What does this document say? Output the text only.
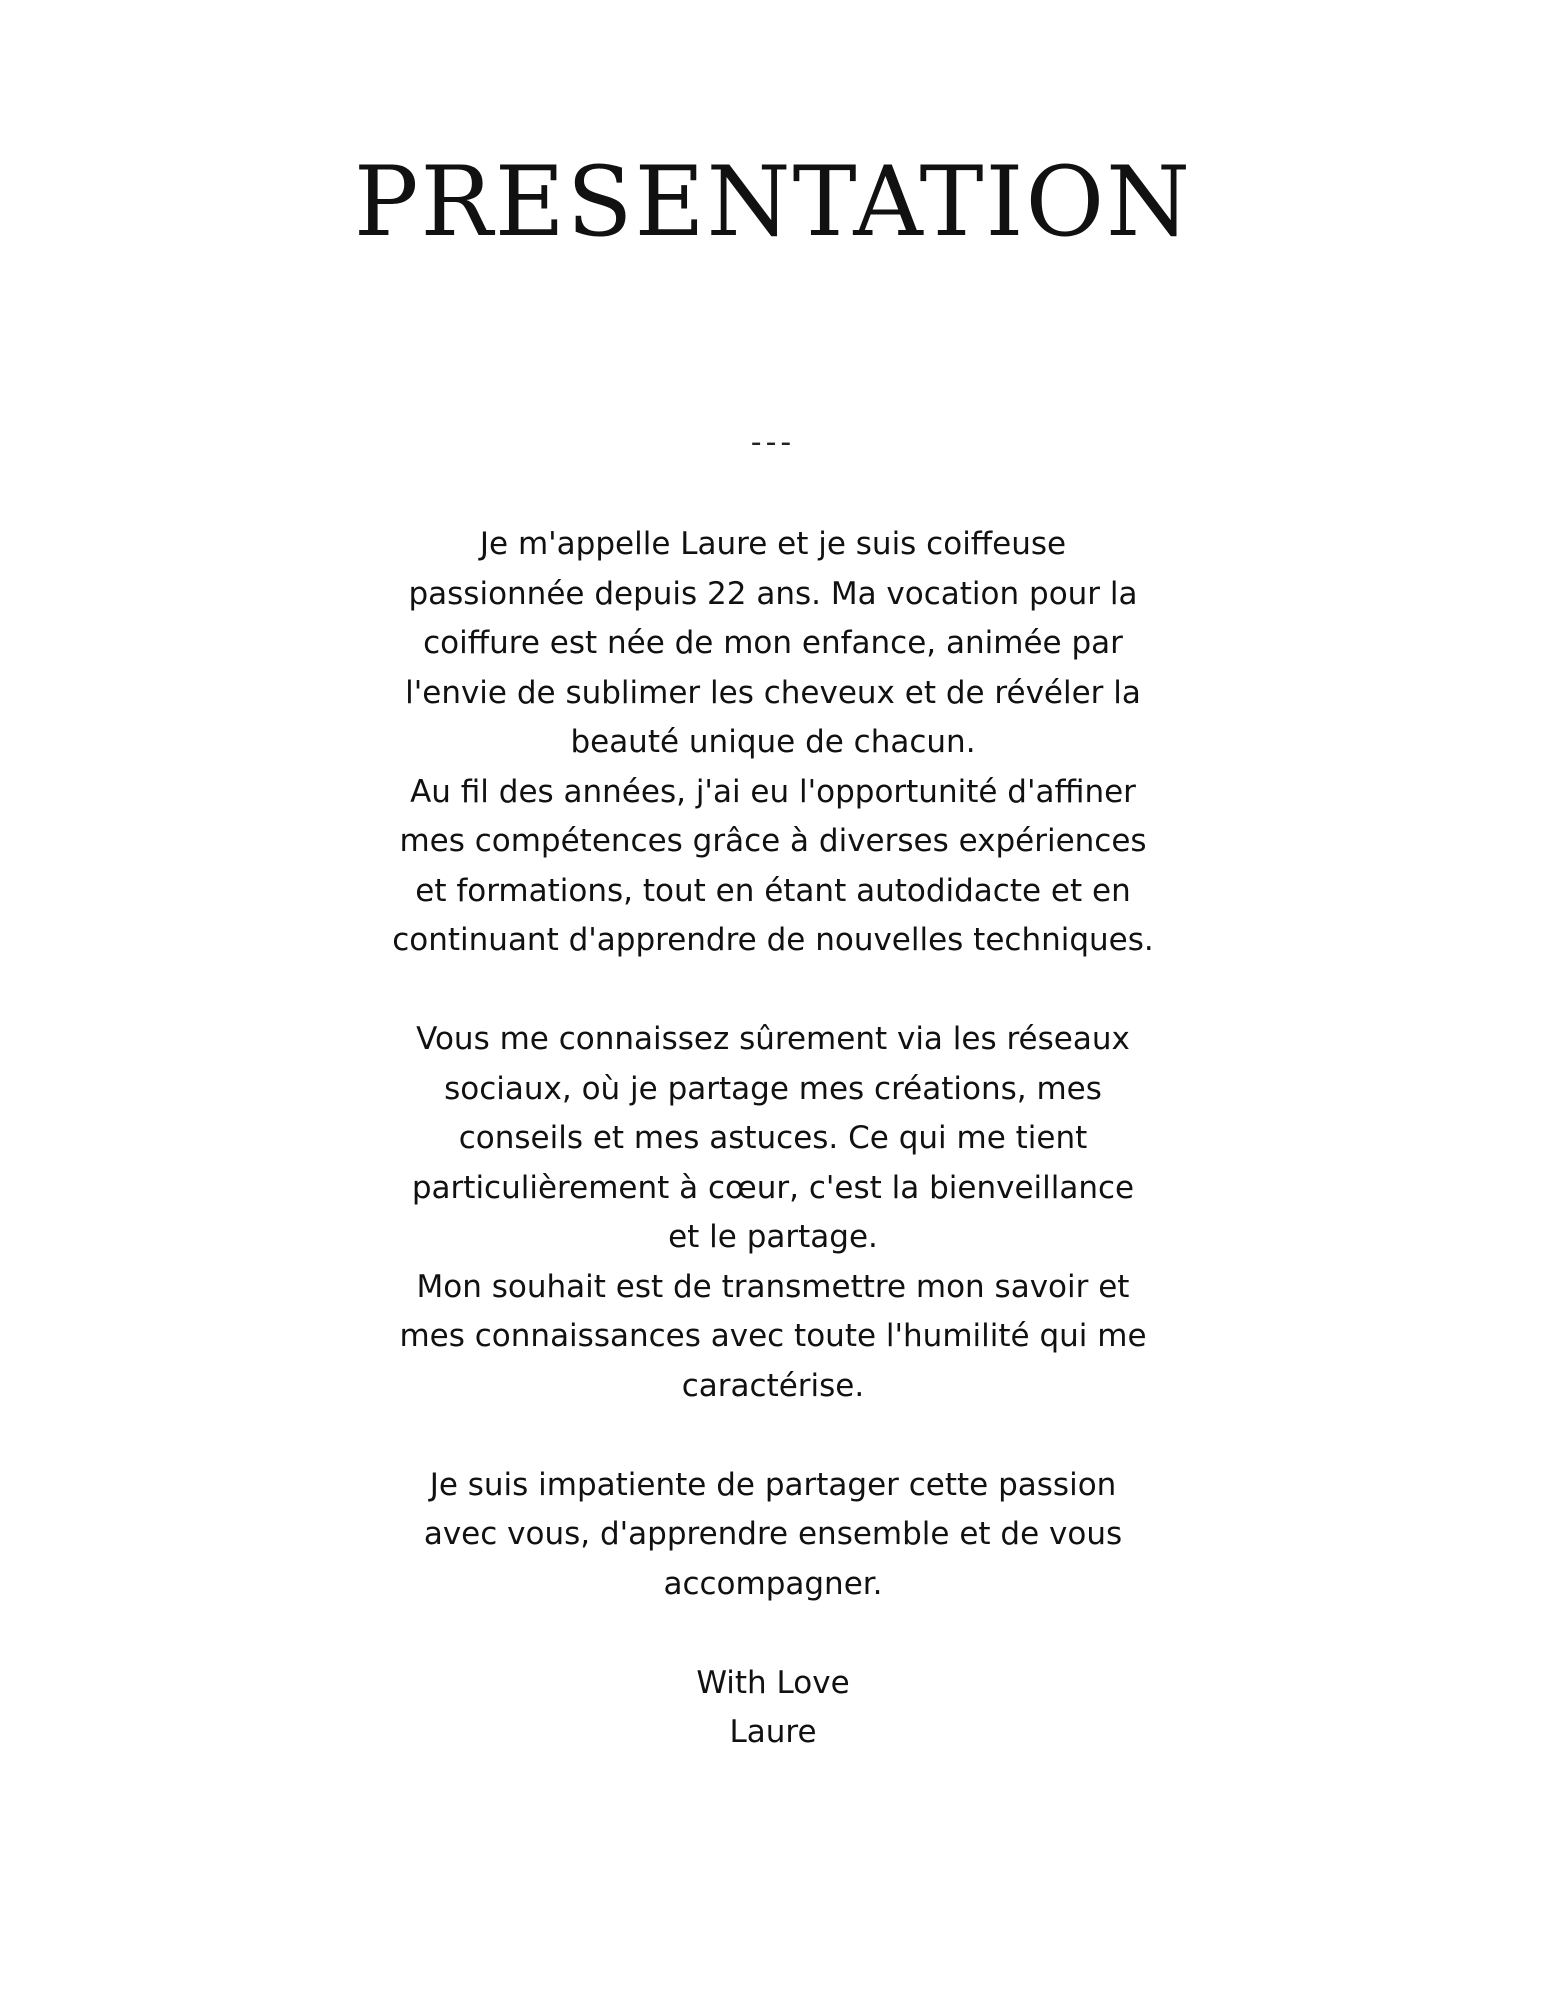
PRESENTATION
---
Je m'appelle Laure et je suis coiffeuse
passionnée depuis 22 ans. Ma vocation pour la
coiffure est née de mon enfance, animée par
l'envie de sublimer les cheveux et de révéler la
beauté unique de chacun.
Au fil des années, j'ai eu l'opportunité d'affiner
mes compétences grâce à diverses expériences
et formations, tout en étant autodidacte et en
continuant d'apprendre de nouvelles techniques.
Vous me connaissez sûrement via les réseaux
sociaux, où je partage mes créations, mes
conseils et mes astuces. Ce qui me tient
particulièrement à cœur, c'est la bienveillance
et le partage.
Mon souhait est de transmettre mon savoir et
mes connaissances avec toute l'humilité qui me
caractérise.
Je suis impatiente de partager cette passion
avec vous, d'apprendre ensemble et de vous
accompagner.
With Love
Laure
